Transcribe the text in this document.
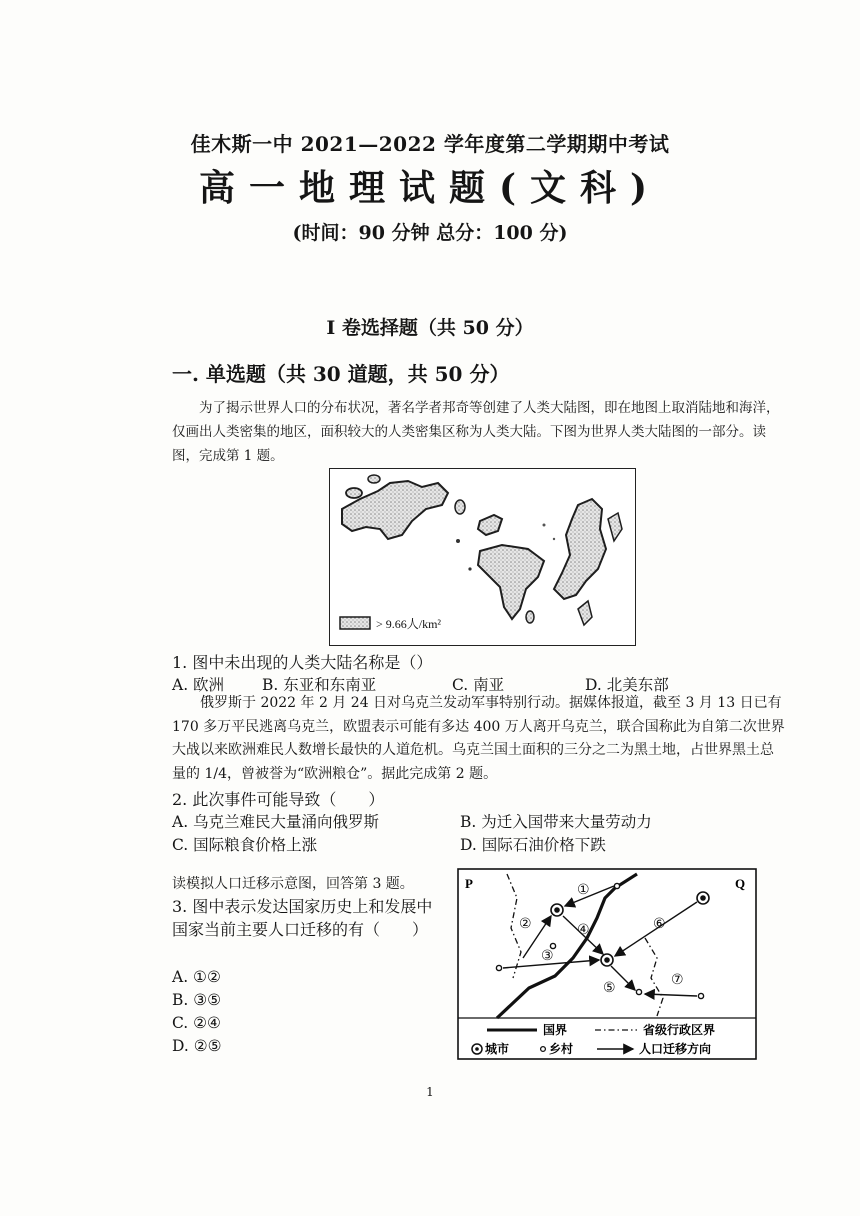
佳木斯一中 2021—2022 学年度第二学期期中考试
高一地理试题(文科)
(时间：90 分钟 总分：100 分)
I 卷选择题（共 50 分）
一. 单选题（共 30 道题，共 50 分）
为了揭示世界人口的分布状况，著名学者邦奇等创建了人类大陆图，即在地图上取消陆地和海洋，仅画出人类密集的地区，面积较大的人类密集区称为人类大陆。下图为世界人类大陆图的一部分。读图，完成第 1 题。
> 9.66人/km²
1. 图中未出现的人类大陆名称是（）
A. 欧洲 B. 东亚和东南亚	C. 南亚	D. 北美东部
俄罗斯于 2022 年 2 月 24 日对乌克兰发动军事特别行动。据媒体报道，截至 3 月 13 日已有 170 多万平民逃离乌克兰，欧盟表示可能有多达 400 万人离开乌克兰，联合国称此为自第二次世界大战以来欧洲难民人数增长最快的人道危机。乌克兰国土面积的三分之二为黑土地，占世界黑土总量的 1/4，曾被誉为“欧洲粮仓”。据此完成第 2 题。
2. 此次事件可能导致（　　）
A. 乌克兰难民大量涌向俄罗斯	B. 为迁入国带来大量劳动力
C. 国际粮食价格上涨	D. 国际石油价格下跌
读模拟人口迁移示意图，回答第 3 题。
3. 图中表示发达国家历史上和发展中国家当前主要人口迁移的有（　　）
A. ①②
B. ③⑤
C. ②④
D. ②⑤
P	Q
①
②
③
④
⑤
⑥
⑦
国界	省级行政区界
城市	乡村	人口迁移方向
1
